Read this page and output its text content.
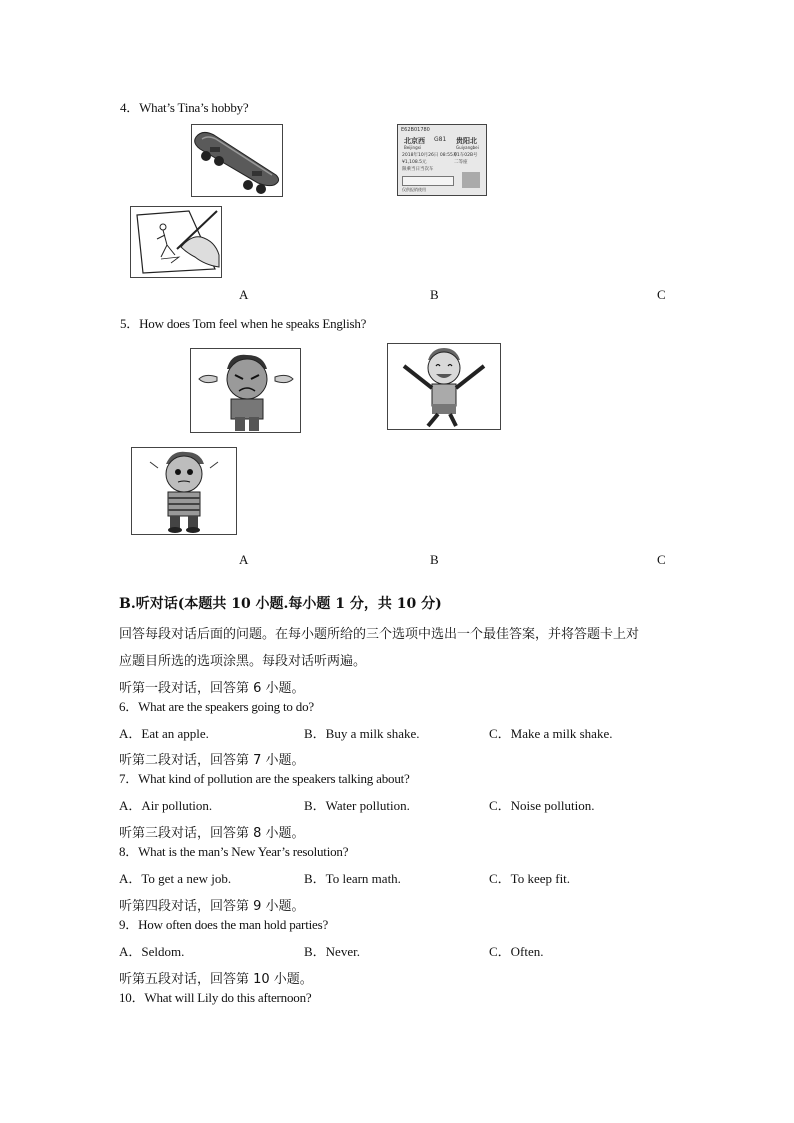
4．What’s Tina’s hobby?
E62B01780
北京西 G81 贵阳北
Beijingxi	Guiyangbei
2018年10月26日 08:55开
01车02B号
¥1,108.5元	二等座
限乘当日当次车
仅供报销使用
A	B	C
5．How does Tom feel when he speaks English?
A	B	C
B.听对话(本题共 10 小题.每小题 1 分，共 10 分)
回答每段对话后面的问题。在每小题所给的三个选项中选出一个最佳答案，并将答题卡上对
应题目所选的选项涂黑。每段对话听两遍。
听第一段对话，回答第 6 小题。
6．What are the speakers going to do?
A．Eat an apple.	B．Buy a milk shake.	C．Make a milk shake.
听第二段对话，回答第 7 小题。
7．What kind of pollution are the speakers talking about?
A．Air pollution.	B．Water pollution.	C．Noise pollution.
听第三段对话，回答第 8 小题。
8．What is the man’s New Year’s resolution?
A．To get a new job.	B．To learn math.	C．To keep fit.
听第四段对话，回答第 9 小题。
9．How often does the man hold parties?
A．Seldom.	B．Never.	C．Often.
听第五段对话，回答第 10 小题。
10．What will Lily do this afternoon?
